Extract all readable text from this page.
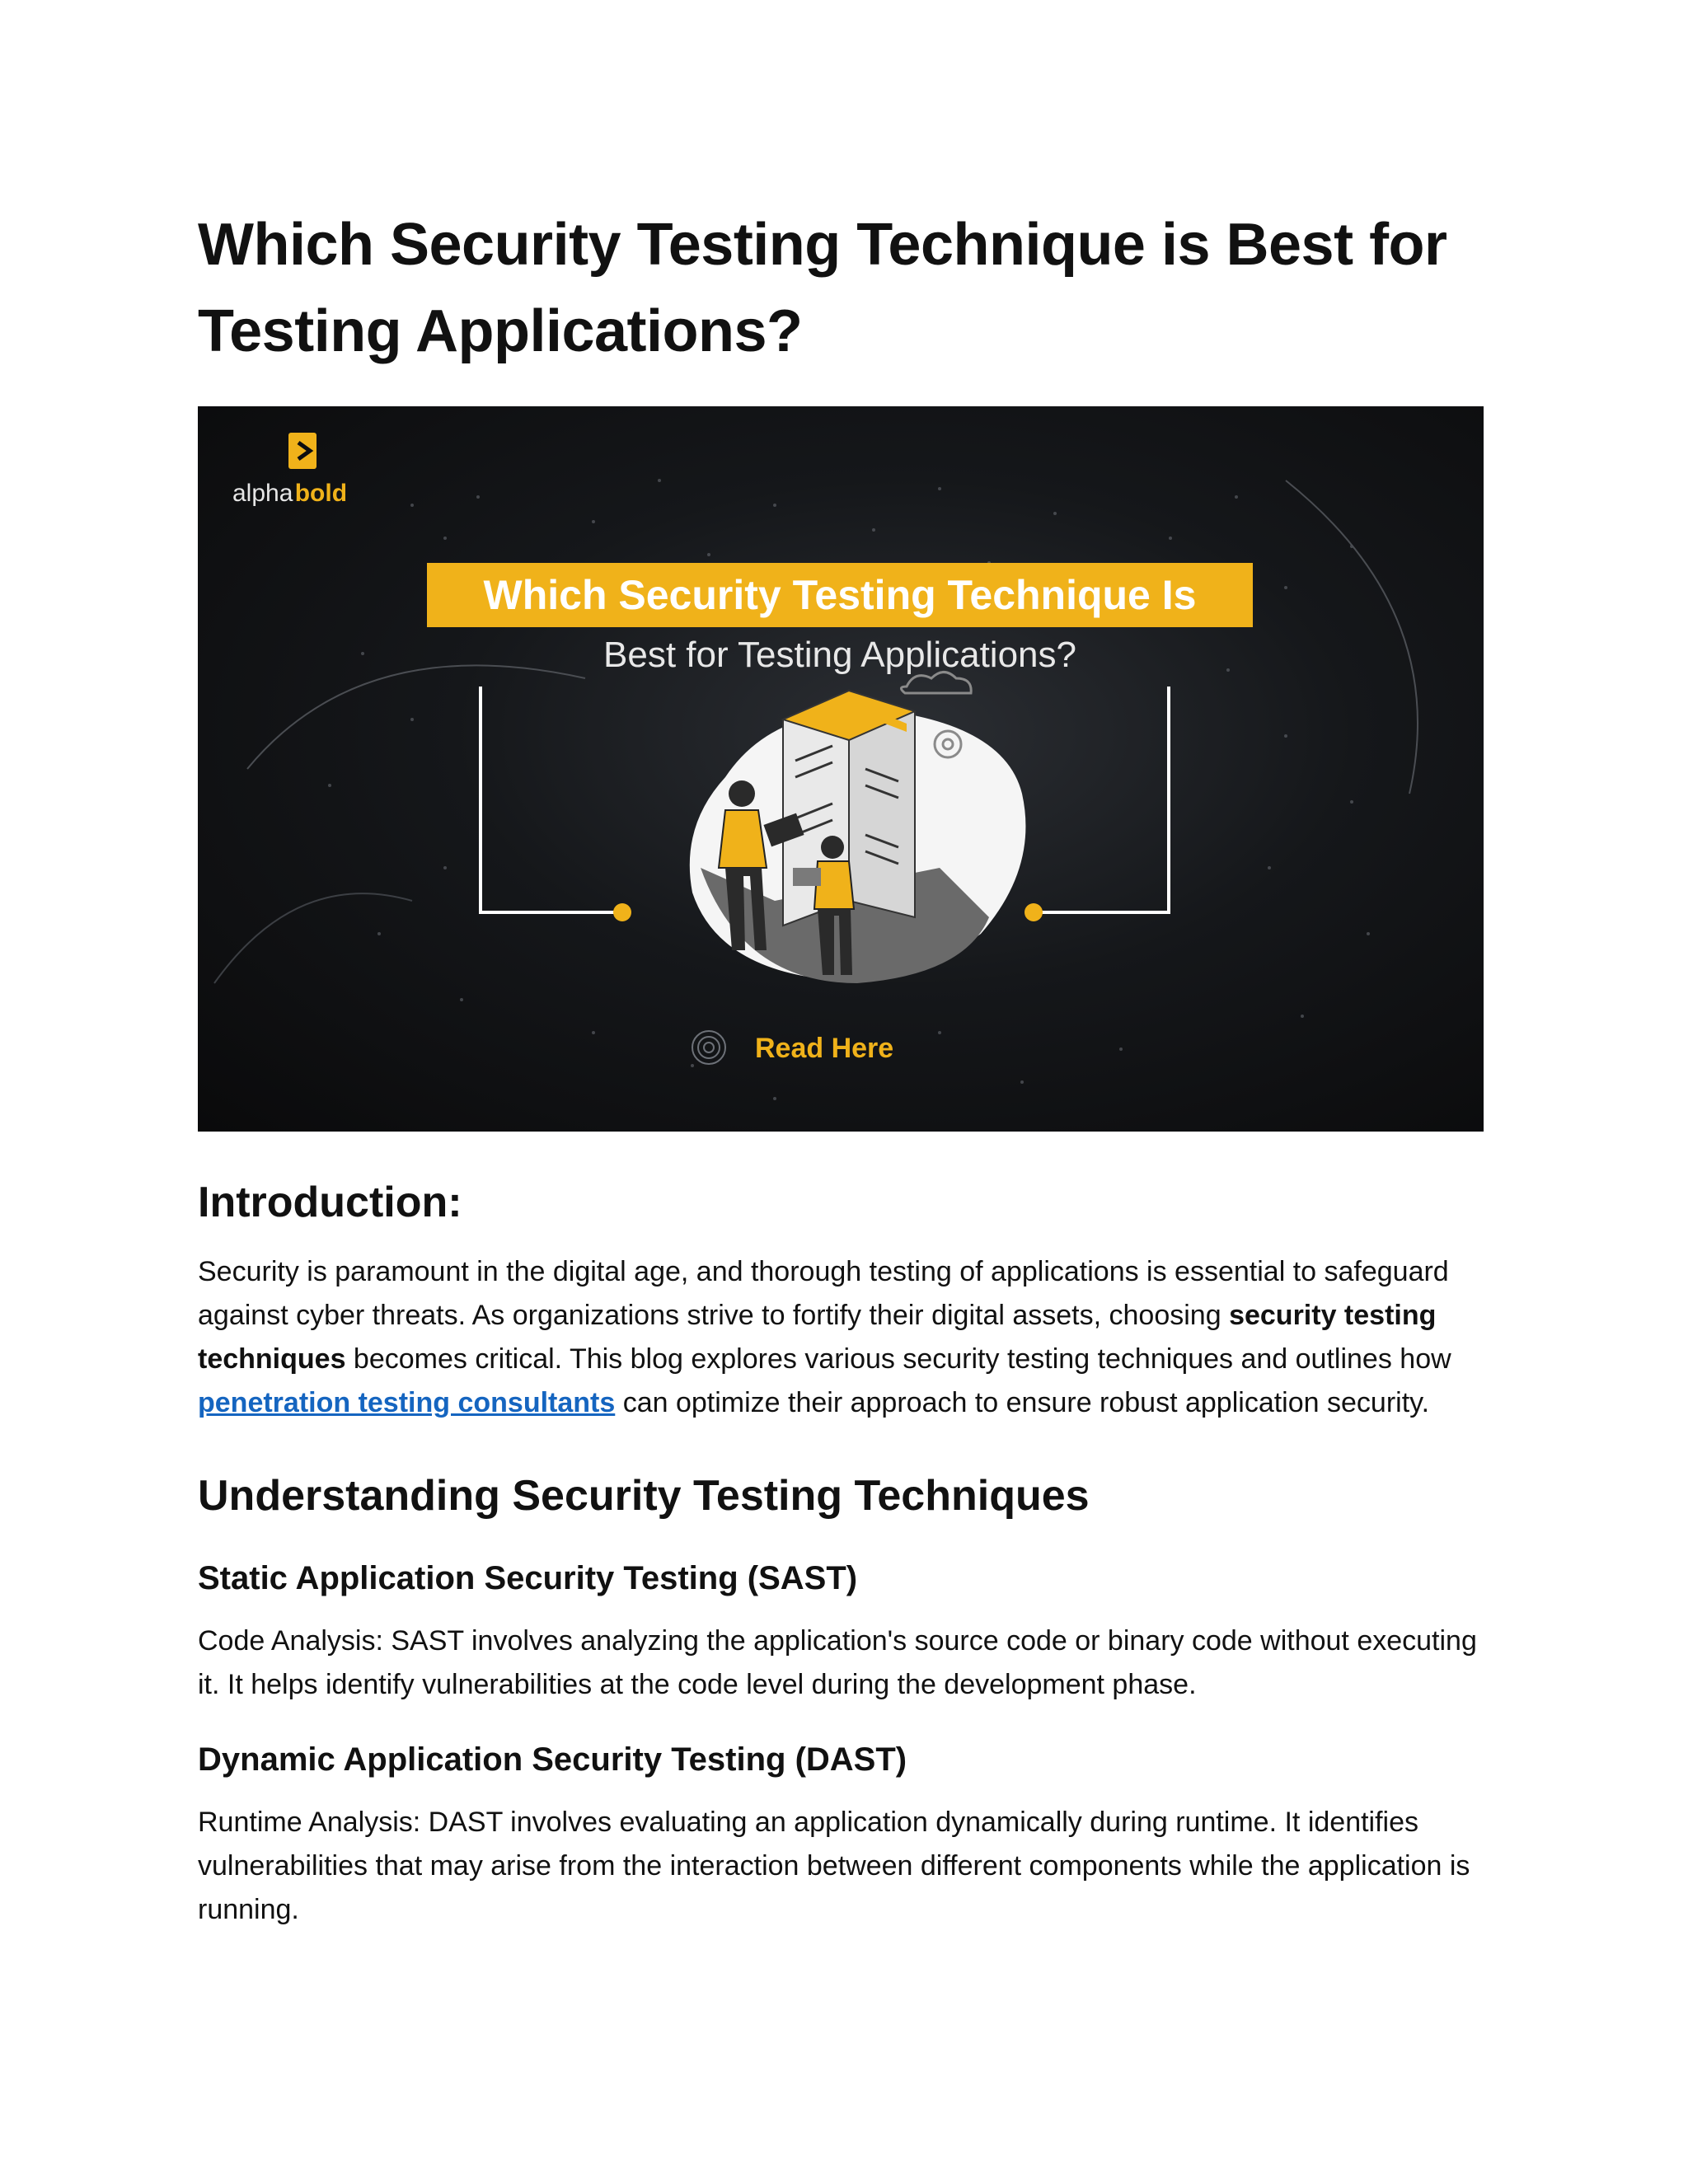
Which Security Testing Technique is Best for Testing Applications?
alpha bold
Which Security Testing Technique Is
Best for Testing Applications?
Read Here
Introduction:

Security is paramount in the digital age, and thorough testing of applications is essential to safeguard against cyber threats. As organizations strive to fortify their digital assets, choosing security testing techniques becomes critical. This blog explores various security testing techniques and outlines how penetration testing consultants can optimize their approach to ensure robust application security.

Understanding Security Testing Techniques
Static Application Security Testing (SAST)

Code Analysis: SAST involves analyzing the application's source code or binary code without executing it. It helps identify vulnerabilities at the code level during the development phase.

Dynamic Application Security Testing (DAST)

Runtime Analysis: DAST involves evaluating an application dynamically during runtime. It identifies vulnerabilities that may arise from the interaction between different components while the application is running.
